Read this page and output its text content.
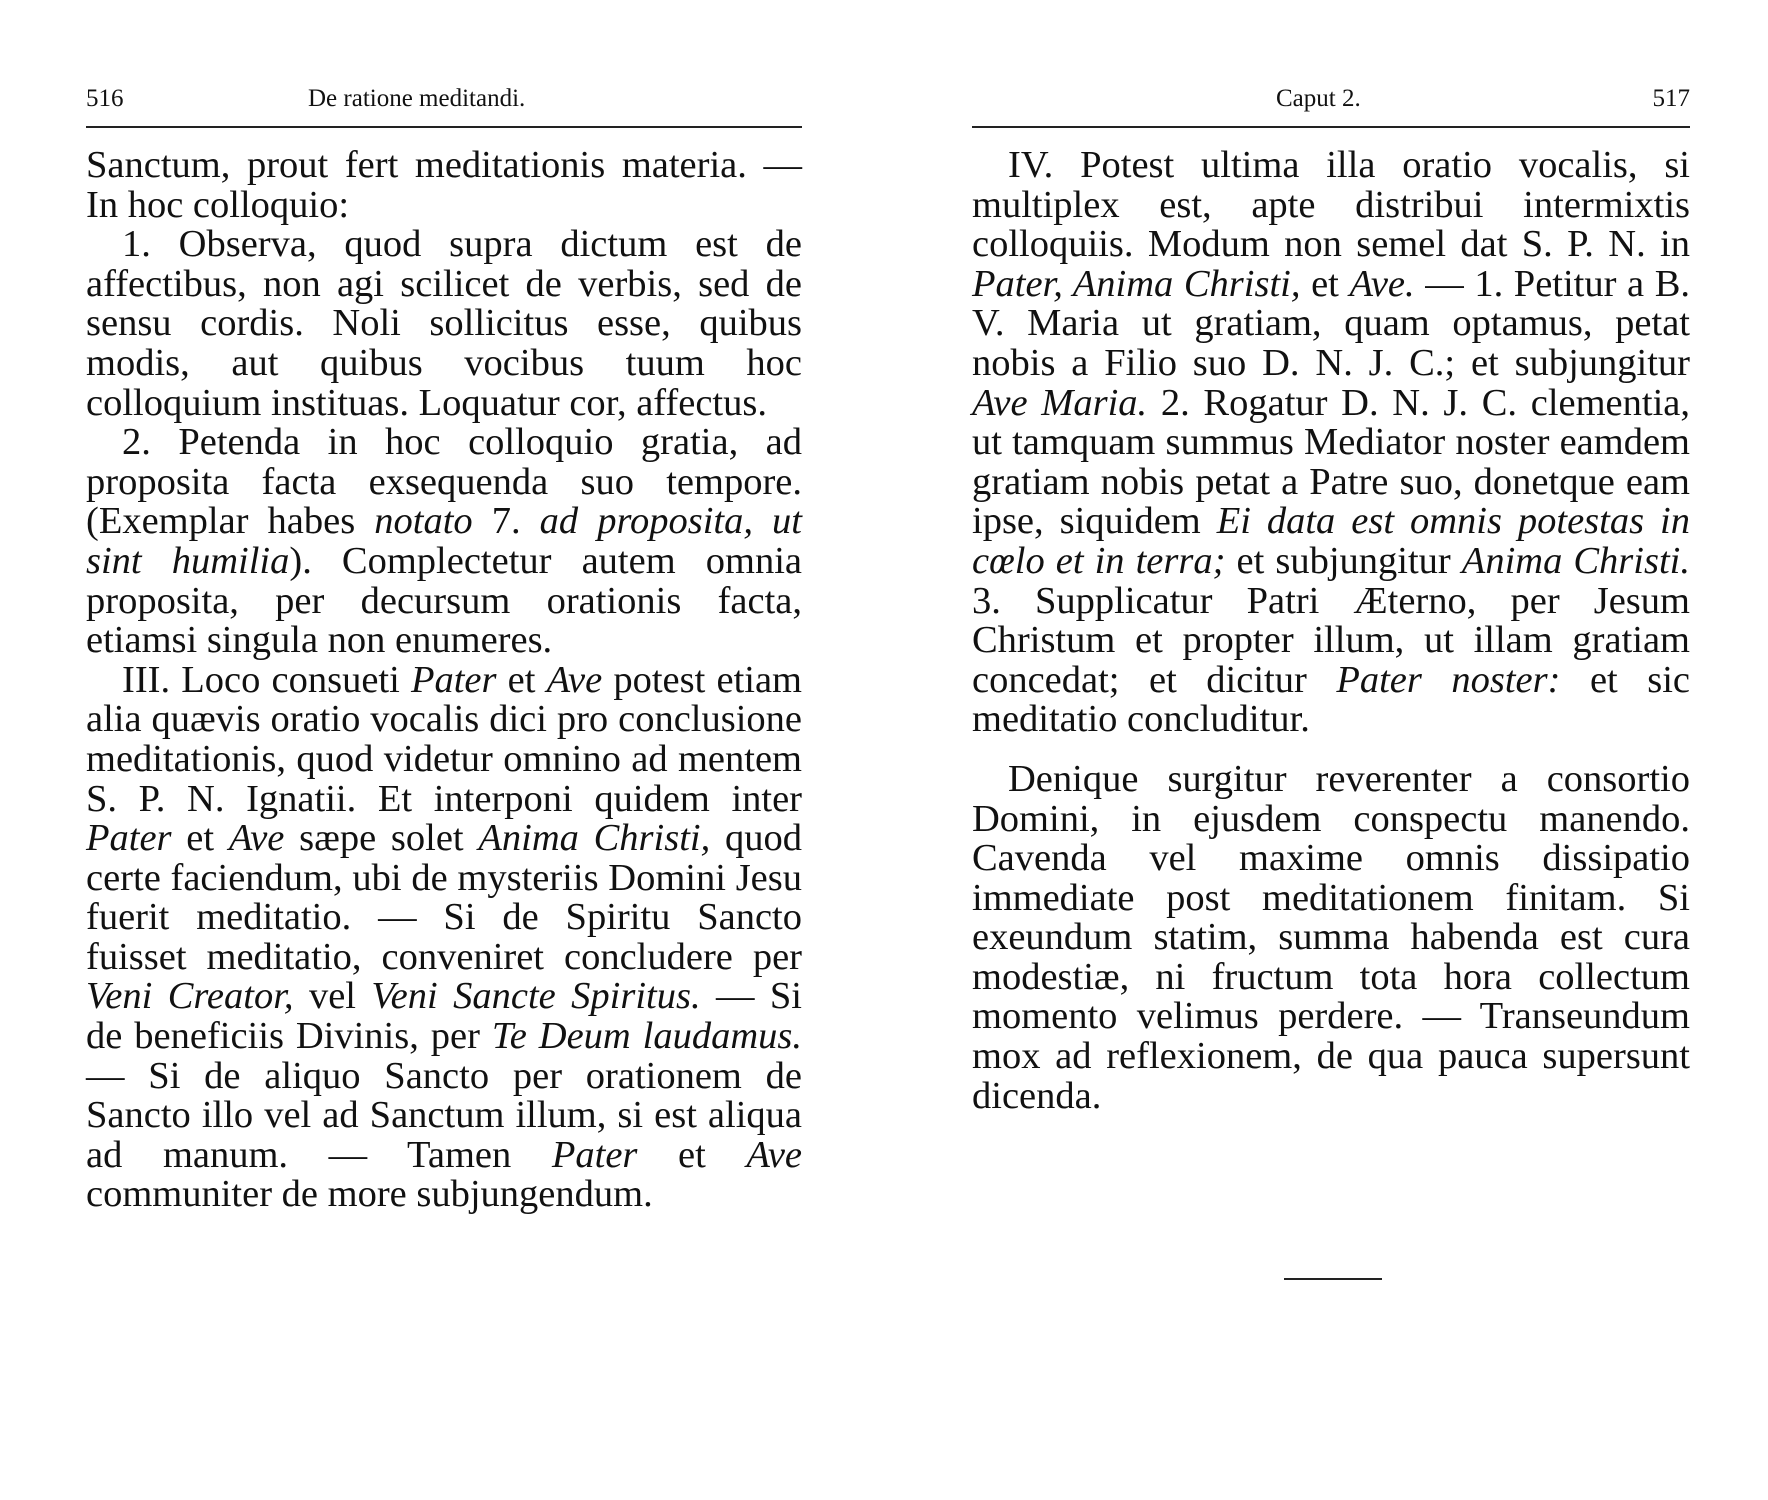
516	De ratione meditandi.

Sanctum, prout fert meditationis materia. — In hoc colloquio:

1. Observa, quod supra dictum est de affectibus, non agi scilicet de verbis, sed de sensu cordis. Noli sollicitus esse, quibus modis, aut quibus vocibus tuum hoc colloquium instituas. Loquatur cor, affectus.

2. Petenda in hoc colloquio gratia, ad proposita facta exsequenda suo tempore. (Exemplar habes notato 7. ad proposita, ut sint humilia). Complectetur autem omnia proposita, per decursum orationis facta, etiamsi singula non enumeres.

III. Loco consueti Pater et Ave potest etiam alia quævis oratio vocalis dici pro conclusione meditationis, quod videtur omnino ad mentem S. P. N. Ignatii. Et interponi quidem inter Pater et Ave sæpe solet Anima Christi, quod certe faciendum, ubi de mysteriis Domini Jesu fuerit meditatio. — Si de Spiritu Sancto fuisset meditatio, conveniret concludere per Veni Creator, vel Veni Sancte Spiritus. — Si de beneficiis Divinis, per Te Deum laudamus. — Si de aliquo Sancto per orationem de Sancto illo vel ad Sanctum illum, si est aliqua ad manum. — Tamen Pater et Ave communiter de more subjungendum.

Caput 2.	517

IV. Potest ultima illa oratio vocalis, si multiplex est, apte distribui intermixtis colloquiis. Modum non semel dat S. P. N. in Pater, Anima Christi, et Ave. — 1. Petitur a B. V. Maria ut gratiam, quam optamus, petat nobis a Filio suo D. N. J. C.; et subjungitur Ave Maria. 2. Rogatur D. N. J. C. clementia, ut tamquam summus Mediator noster eamdem gratiam nobis petat a Patre suo, donetque eam ipse, siquidem Ei data est omnis potestas in cœlo et in terra; et subjungitur Anima Christi. 3. Supplicatur Patri Æterno, per Jesum Christum et propter illum, ut illam gratiam concedat; et dicitur Pater noster: et sic meditatio concluditur.

Denique surgitur reverenter a consortio Domini, in ejusdem conspectu manendo. Cavenda vel maxime omnis dissipatio immediate post meditationem finitam. Si exeundum statim, summa habenda est cura modestiæ, ni fructum tota hora collectum momento velimus perdere. — Transeundum mox ad reflexionem, de qua pauca supersunt dicenda.
